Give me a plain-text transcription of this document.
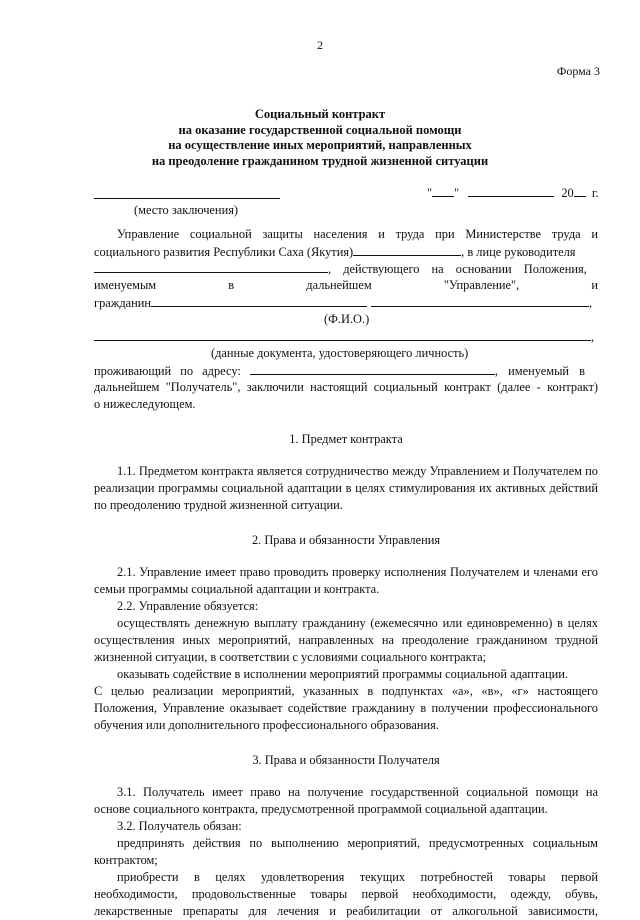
2
Форма 3
Социальный контракт
на оказание государственной социальной помощи
на осуществление иных мероприятий, направленных
на преодоление гражданином трудной жизненной ситуации
" "	20 г.
(место заключения)
Управление социальной защиты населения и труда при Министерстве труда и
социального развития Республики Саха (Якутия)	, в лице руководителя
, действующего на основании Положения,
именуемым	в	дальнейшем	"Управление",	и
гражданин	,
(Ф.И.О.)
,
(данные документа, удостоверяющего личность)
проживающий по адресу:	, именуемый в
дальнейшем "Получатель", заключили настоящий социальный контракт (далее - контракт)
о нижеследующем.
1. Предмет контракта
1.1. Предметом контракта является сотрудничество между Управлением и Получателем по реализации программы социальной адаптации в целях стимулирования их активных действий по преодолению трудной жизненной ситуации.
2. Права и обязанности Управления
2.1. Управление имеет право проводить проверку исполнения Получателем и членами его семьи программы социальной адаптации и контракта.
2.2. Управление обязуется:
осуществлять денежную выплату гражданину (ежемесячно или единовременно) в целях осуществления иных мероприятий, направленных на преодоление гражданином трудной жизненной ситуации, в соответствии с условиями социального контракта;
оказывать содействие в исполнении мероприятий программы социальной адаптации.
С целью реализации мероприятий, указанных в подпунктах «а», «в», «г» настоящего Положения, Управление оказывает содействие гражданину в получении профессионального обучения или дополнительного профессионального образования.
3. Права и обязанности Получателя
3.1. Получатель имеет право на получение государственной социальной помощи на основе социального контракта, предусмотренной программой социальной адаптации.
3.2. Получатель обязан:
предпринять действия по выполнению мероприятий, предусмотренных социальным контрактом;
приобрести в целях удовлетворения текущих потребностей товары первой необходимости, продовольственные товары первой необходимости, одежду, обувь, лекарственные препараты для лечения и реабилитации от алкогольной зависимости,
